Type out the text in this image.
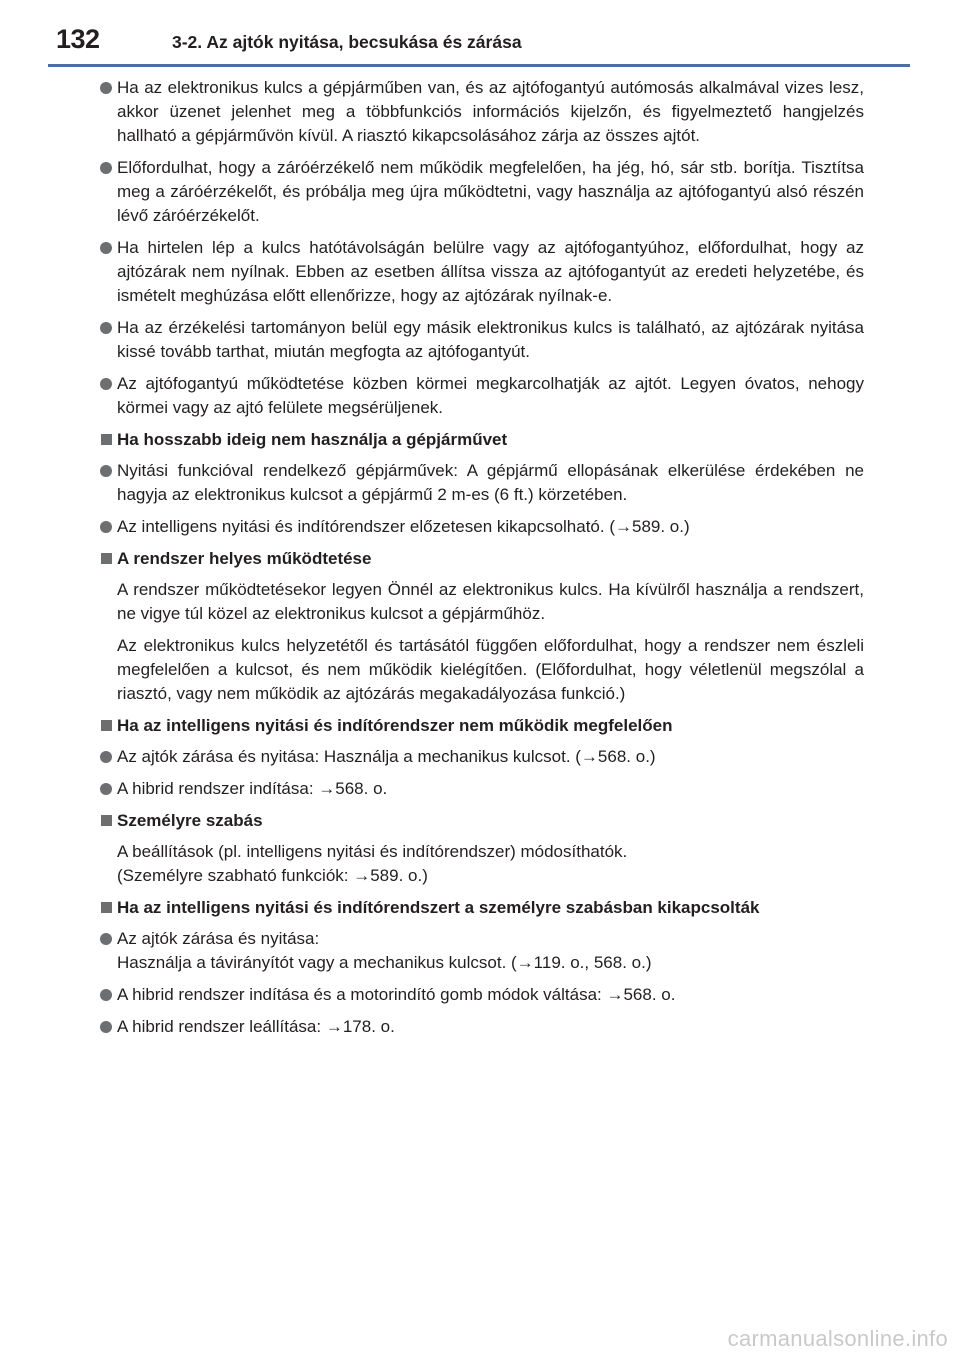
132	3-2. Az ajtók nyitása, becsukása és zárása
Ha az elektronikus kulcs a gépjárműben van, és az ajtófogantyú autómosás alkalmával vizes lesz, akkor üzenet jelenhet meg a többfunkciós információs kijelzőn, és figyelmeztető hangjelzés hallható a gépjárművön kívül. A riasztó kikapcsolásához zárja az összes ajtót.
Előfordulhat, hogy a záróérzékelő nem működik megfelelően, ha jég, hó, sár stb. borítja. Tisztítsa meg a záróérzékelőt, és próbálja meg újra működtetni, vagy használja az ajtófogantyú alsó részén lévő záróérzékelőt.
Ha hirtelen lép a kulcs hatótávolságán belülre vagy az ajtófogantyúhoz, előfordulhat, hogy az ajtózárak nem nyílnak. Ebben az esetben állítsa vissza az ajtófogantyút az eredeti helyzetébe, és ismételt meghúzása előtt ellenőrizze, hogy az ajtózárak nyílnak-e.
Ha az érzékelési tartományon belül egy másik elektronikus kulcs is található, az ajtózárak nyitása kissé tovább tarthat, miután megfogta az ajtófogantyút.
Az ajtófogantyú működtetése közben körmei megkarcolhatják az ajtót. Legyen óvatos, nehogy körmei vagy az ajtó felülete megsérüljenek.
Ha hosszabb ideig nem használja a gépjárművet
Nyitási funkcióval rendelkező gépjárművek: A gépjármű ellopásának elkerülése érdekében ne hagyja az elektronikus kulcsot a gépjármű 2 m-es (6 ft.) körzetében.
Az intelligens nyitási és indítórendszer előzetesen kikapcsolható. (→589. o.)
A rendszer helyes működtetése
A rendszer működtetésekor legyen Önnél az elektronikus kulcs. Ha kívülről használja a rendszert, ne vigye túl közel az elektronikus kulcsot a gépjárműhöz.
Az elektronikus kulcs helyzetétől és tartásától függően előfordulhat, hogy a rendszer nem észleli megfelelően a kulcsot, és nem működik kielégítően. (Előfordulhat, hogy véletlenül megszólal a riasztó, vagy nem működik az ajtózárás megakadályozása funkció.)
Ha az intelligens nyitási és indítórendszer nem működik megfelelően
Az ajtók zárása és nyitása: Használja a mechanikus kulcsot. (→568. o.)
A hibrid rendszer indítása: →568. o.
Személyre szabás
A beállítások (pl. intelligens nyitási és indítórendszer) módosíthatók.
(Személyre szabható funkciók: →589. o.)
Ha az intelligens nyitási és indítórendszert a személyre szabásban kikapcsolták
Az ajtók zárása és nyitása:
Használja a távirányítót vagy a mechanikus kulcsot. (→119. o., 568. o.)
A hibrid rendszer indítása és a motorindító gomb módok váltása: →568. o.
A hibrid rendszer leállítása: →178. o.
carmanualsonline.info
